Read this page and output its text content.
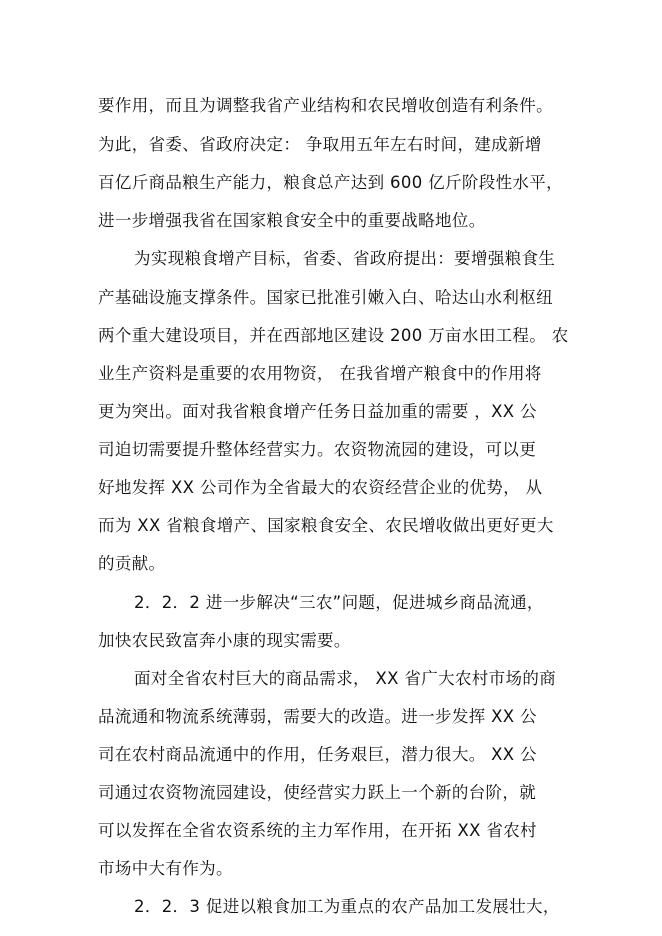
要作用，而且为调整我省产业结构和农民增收创造有利条件。
为此，省委、省政府决定： 争取用五年左右时间，建成新增
百亿斤商品粮生产能力，粮食总产达到 600 亿斤阶段性水平，
进一步增强我省在国家粮食安全中的重要战略地位。
为实现粮食增产目标，省委、省政府提出：要增强粮食生
产基础设施支撑条件。国家已批准引嫩入白、哈达山水利枢纽
两个重大建设项目，并在西部地区建设 200 万亩水田工程。 农
业生产资料是重要的农用物资， 在我省增产粮食中的作用将
更为突出。面对我省粮食增产任务日益加重的需要 ，XX 公
司迫切需要提升整体经营实力。农资物流园的建设，可以更
好地发挥 XX 公司作为全省最大的农资经营企业的优势， 从
而为 XX 省粮食增产、国家粮食安全、农民增收做出更好更大
的贡献。
2．2．2 进一步解决“三农”问题，促进城乡商品流通，
加快农民致富奔小康的现实需要。
面对全省农村巨大的商品需求， XX 省广大农村市场的商
品流通和物流系统薄弱，需要大的改造。进一步发挥 XX 公
司在农村商品流通中的作用，任务艰巨，潜力很大。 XX 公
司通过农资物流园建设，使经营实力跃上一个新的台阶，就
可以发挥在全省农资系统的主力军作用，在开拓 XX 省农村
市场中大有作为。
2．2．3 促进以粮食加工为重点的农产品加工发展壮大，
